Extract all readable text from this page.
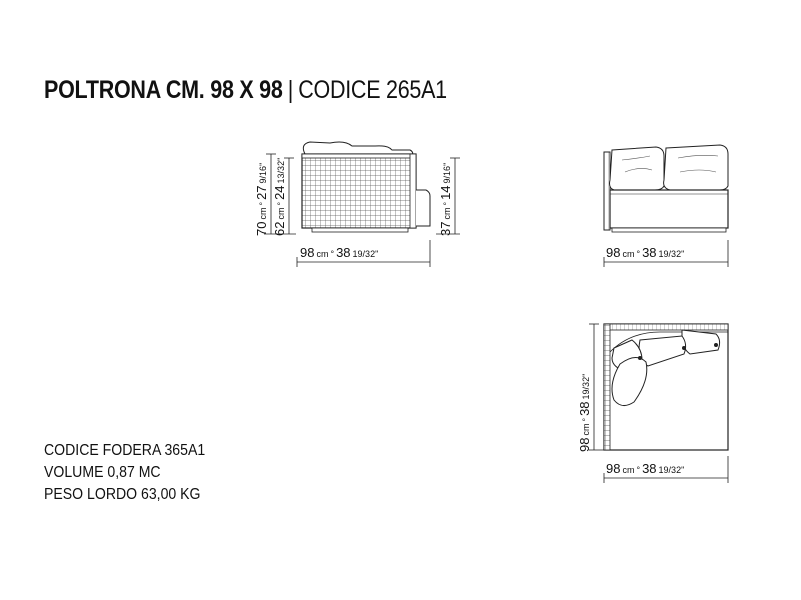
POLTRONA CM. 98 X 98 | CODICE 265A1
70cm°279/16"
62cm°2413/32"
37cm°149/16"
98 cm ° 38 19/32"	98 cm ° 38 19/32"
98cm°3819/32"
98 cm ° 38 19/32"
CODICE FODERA 365A1
VOLUME 0,87 MC
PESO LORDO 63,00 KG
